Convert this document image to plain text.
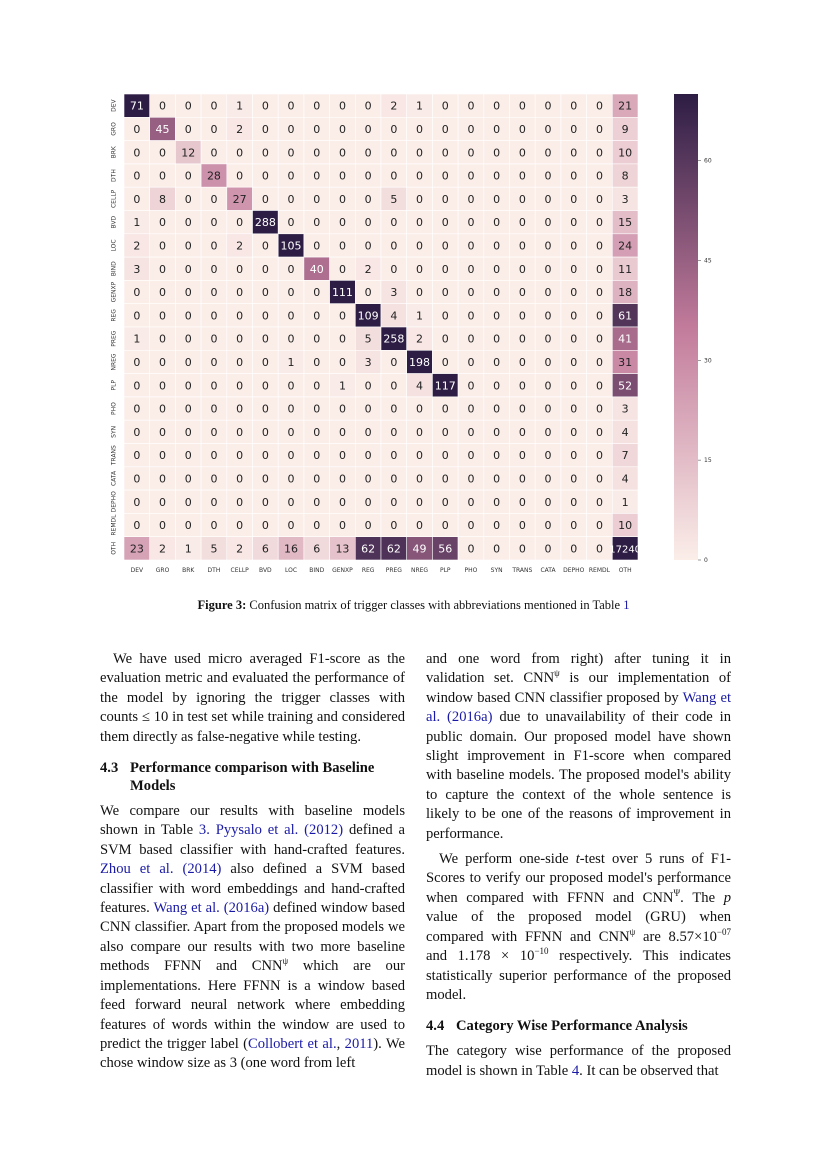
71 0 0 0 1 0 0 0 0 0 2 1 0 0 0 0 0 0 0 21
DEV
0 45 0 0 2 0 0 0 0 0 0 0 0 0 0 0 0 0 0 9
GRO
0 0 12 0 0 0 0 0 0 0 0 0 0 0 0 0 0 0 0 10
BRK
0 0 0 28 0 0 0 0 0 0 0 0 0 0 0 0 0 0 0 8
DTH
0 8 0 0 27 0 0 0 0 0 5 0 0 0 0 0 0 0 0 3
CELLP
1 0 0 0 0 288 0 0 0 0 0 0 0 0 0 0 0 0 0 15
BVD
2 0 0 0 2 0 105 0 0 0 0 0 0 0 0 0 0 0 0 24
LOC
3 0 0 0 0 0 0 40 0 2 0 0 0 0 0 0 0 0 0 11
BIND
0 0 0 0 0 0 0 0 111 0 3 0 0 0 0 0 0 0 0 18
GENXP
0 0 0 0 0 0 0 0 0 109 4 1 0 0 0 0 0 0 0 61
REG
1 0 0 0 0 0 0 0 0 5 258 2 0 0 0 0 0 0 0 41
PREG
0 0 0 0 0 0 1 0 0 3 0 198 0 0 0 0 0 0 0 31
NREG
0 0 0 0 0 0 0 0 1 0 0 4 117 0 0 0 0 0 0 52
PLP
0 0 0 0 0 0 0 0 0 0 0 0 0 0 0 0 0 0 0 3
PHO
0 0 0 0 0 0 0 0 0 0 0 0 0 0 0 0 0 0 0 4
SYN
0 0 0 0 0 0 0 0 0 0 0 0 0 0 0 0 0 0 0 7
TRANS
0 0 0 0 0 0 0 0 0 0 0 0 0 0 0 0 0 0 0 4
CATA
0 0 0 0 0 0 0 0 0 0 0 0 0 0 0 0 0 0 0 1
DEPHO
0 0 0 0 0 0 0 0 0 0 0 0 0 0 0 0 0 0 0 10
REMDL
23 2 1 5 2 6 16 6 13 62 62 49 56 0 0 0 0 0 0 17240
OTH
DEV GRO BRK DTH CELLP BVD LOC BIND GENXP REG PREG NREG PLP PHO SYN TRANS CATA DEPHO REMDL OTH
0
15
30
45
60
Figure 3: Confusion matrix of trigger classes with abbreviations mentioned in Table 1

We have used micro averaged F1-score as the evaluation metric and evaluated the performance of the model by ignoring the trigger classes with counts ≤ 10 in test set while training and considered them directly as false-negative while testing.

4.3 Performance comparison with Baseline
Models

We compare our results with baseline models shown in Table 3. Pyysalo et al. (2012) defined a SVM based classifier with hand-crafted features. Zhou et al. (2014) also defined a SVM based classifier with word embeddings and hand-crafted features. Wang et al. (2016a) defined window based CNN classifier. Apart from the proposed models we also compare our results with two more baseline methods FFNN and $CNN^\psi$ which are our implementations. Here FFNN is a window based feed forward neural network where embedding features of words within the window are used to predict the trigger label (Collobert et al., 2011). We chose window size as 3 (one word from left

and one word from right) after tuning it in validation set. $CNN^\psi$ is our implementation of window based CNN classifier proposed by Wang et al. (2016a) due to unavailability of their code in public domain. Our proposed model have shown slight improvement in F1-score when compared with baseline models. The proposed model's ability to capture the context of the whole sentence is likely to be one of the reasons of improvement in performance.

We perform one-side t-test over 5 runs of F1-Scores to verify our proposed model's performance when compared with FFNN and $CNN^\Psi$. The p value of the proposed model (GRU) when compared with FFNN and $CNN^\psi$ are $8.57\times 10^{-07}$ and $1.178 \times 10^{-10}$ respectively. This indicates statistically superior performance of the proposed model.

4.4 Category Wise Performance Analysis

The category wise performance of the proposed model is shown in Table 4. It can be observed that
